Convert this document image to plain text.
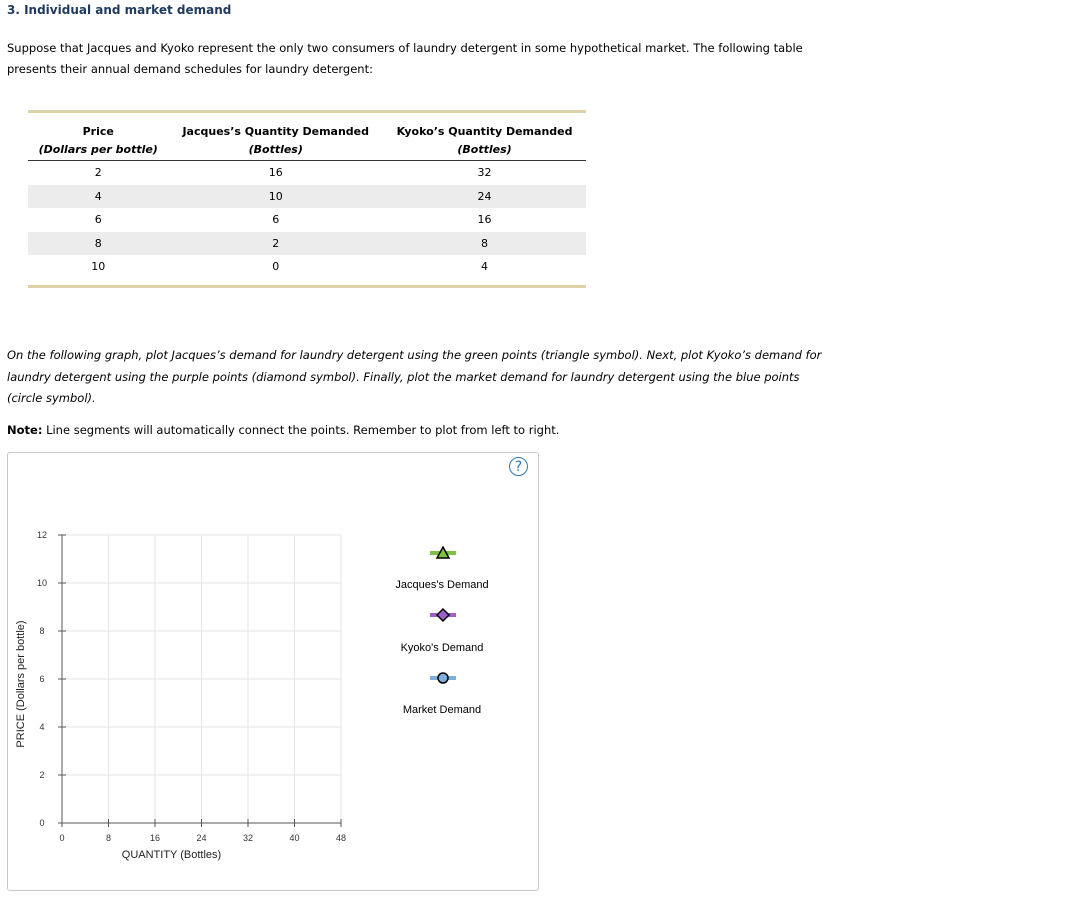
3. Individual and market demand
Suppose that Jacques and Kyoko represent the only two consumers of laundry detergent in some hypothetical market. The following table presents their annual demand schedules for laundry detergent:
Price	Jacques’s Quantity Demanded	Kyoko’s Quantity Demanded
(Dollars per bottle)	(Bottles)	(Bottles)
2	16	32
4	10	24
6	6	16
8	2	8
10	0	4
On the following graph, plot Jacques’s demand for laundry detergent using the green points (triangle symbol). Next, plot Kyoko’s demand for laundry detergent using the purple points (diamond symbol). Finally, plot the market demand for laundry detergent using the blue points (circle symbol).
Note: Line segments will automatically connect the points. Remember to plot from left to right.
?
0	8	16	24	32	40	48
0
2
4
6
8
10
12
QUANTITY (Bottles)
PRICE (Dollars per bottle)
Jacques's Demand
Kyoko's Demand
Market Demand
